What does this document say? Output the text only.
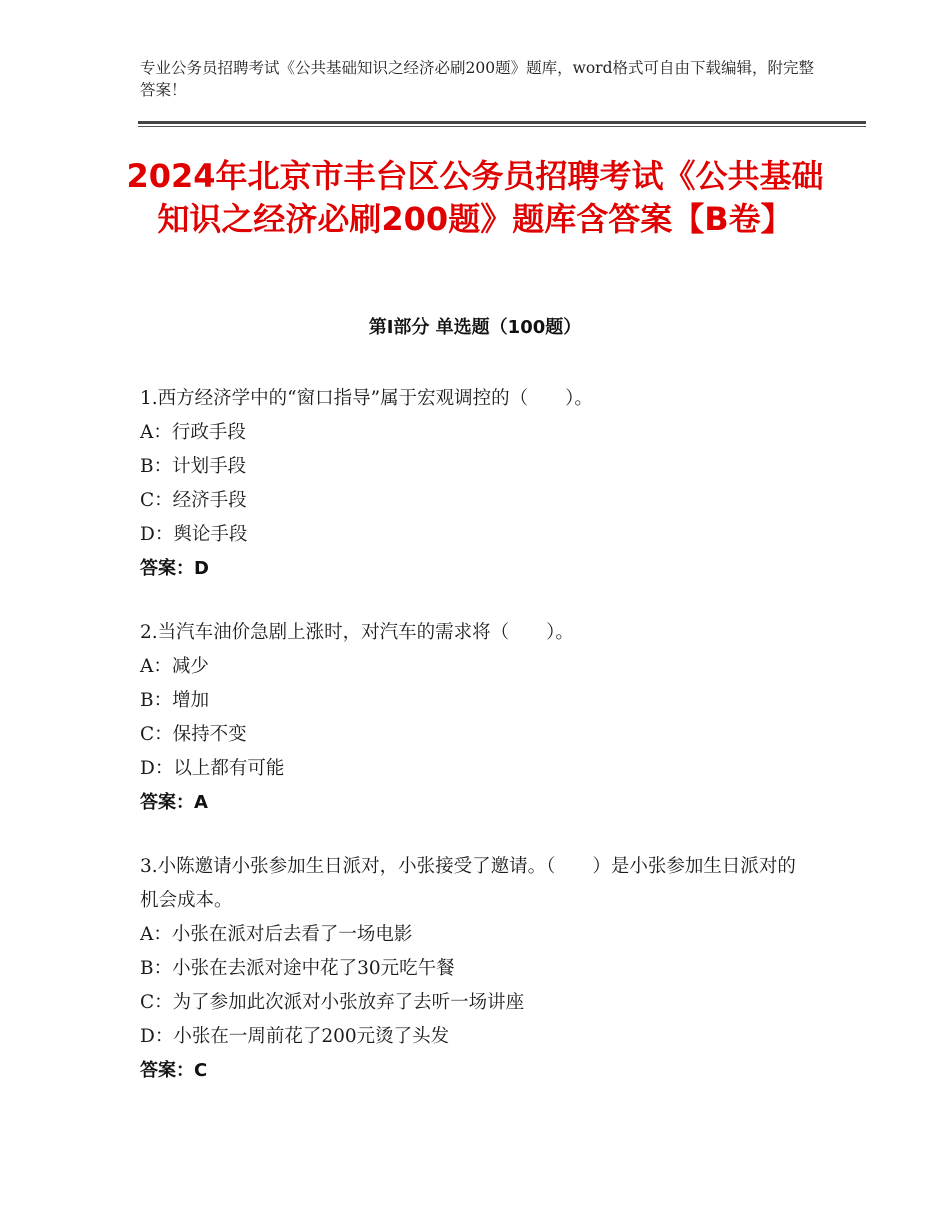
专业公务员招聘考试《公共基础知识之经济必刷200题》题库，word格式可自由下载编辑，附完整答案！
2024年北京市丰台区公务员招聘考试《公共基础知识之经济必刷200题》题库含答案【B卷】
第Ⅰ部分 单选题（100题）
1.西方经济学中的“窗口指导”属于宏观调控的（　　）。
A：行政手段
B：计划手段
C：经济手段
D：舆论手段
答案：D
2.当汽车油价急剧上涨时，对汽车的需求将（　　）。
A：减少
B：增加
C：保持不变
D：以上都有可能
答案：A
3.小陈邀请小张参加生日派对，小张接受了邀请。（　　）是小张参加生日派对的机会成本。
A：小张在派对后去看了一场电影
B：小张在去派对途中花了30元吃午餐
C：为了参加此次派对小张放弃了去听一场讲座
D：小张在一周前花了200元烫了头发
答案：C
